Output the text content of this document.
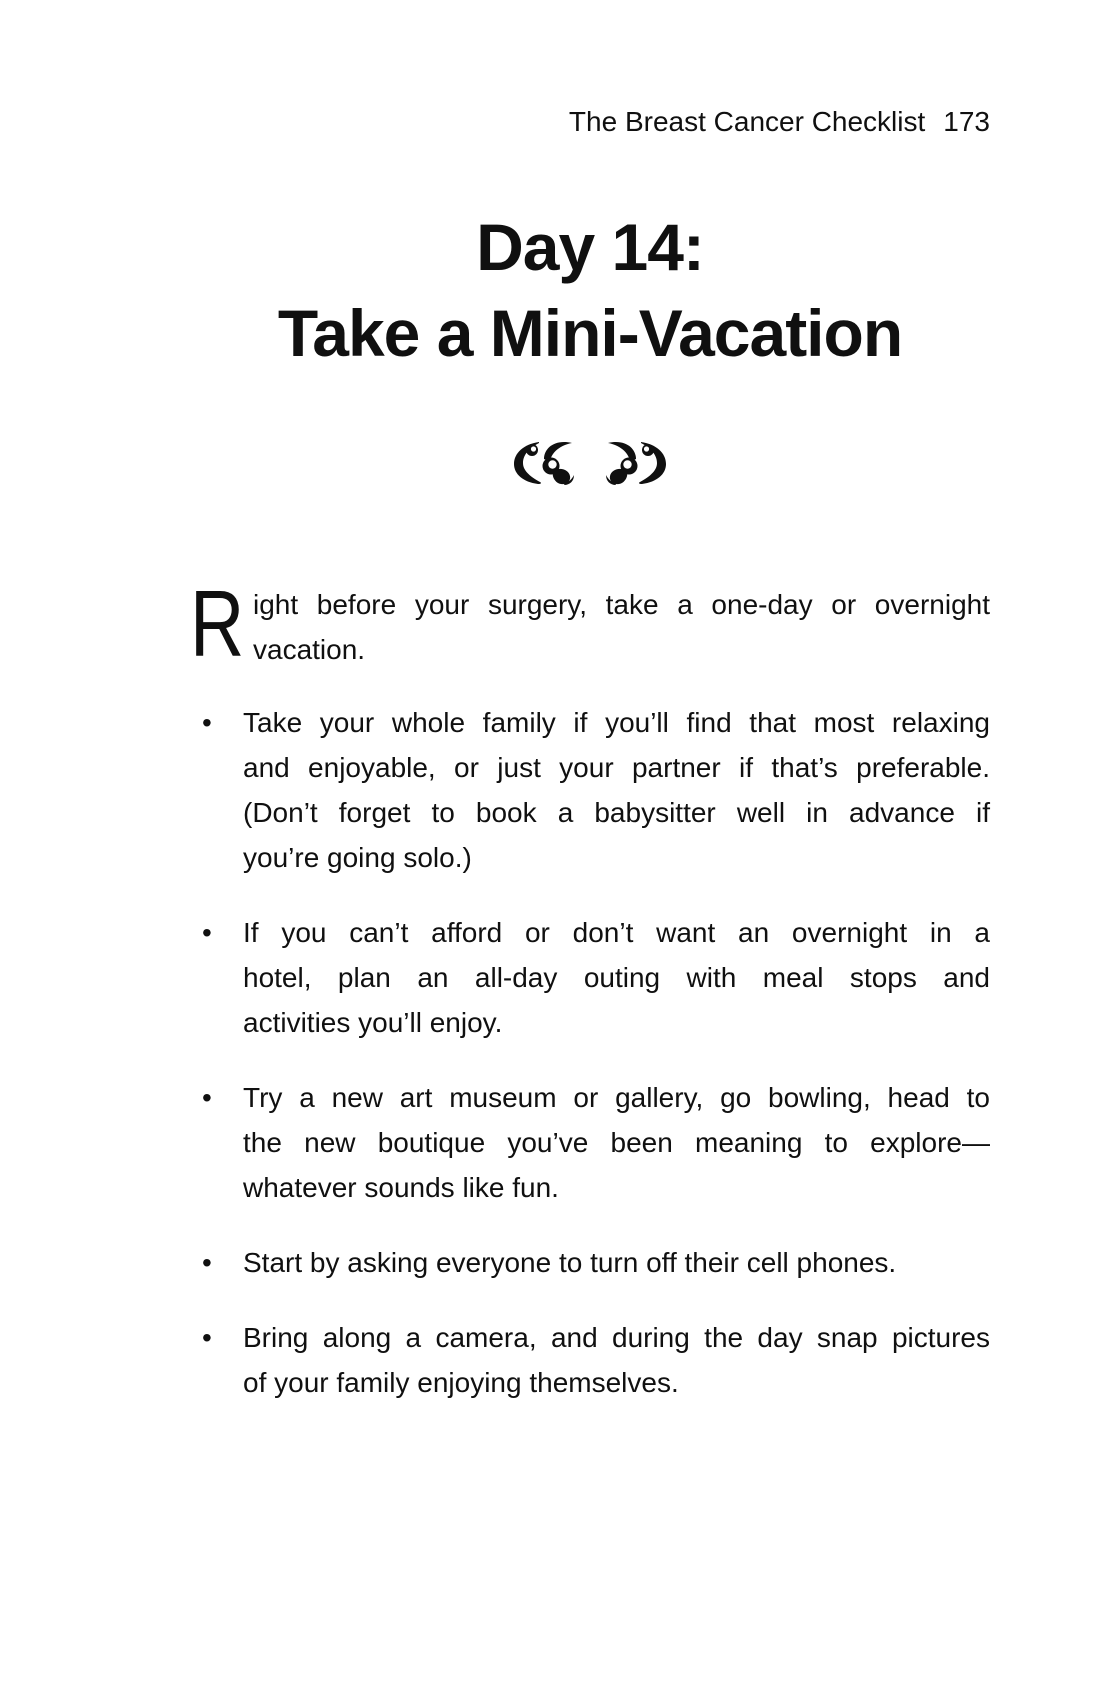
The Breast Cancer Checklist 173
Day 14:
Take a Mini-Vacation

R ight before your surgery, take a one-day or overnight
vacation.

• Take your whole family if you’ll find that most relaxing
and enjoyable, or just your partner if that’s preferable.
(Don’t forget to book a babysitter well in advance if
you’re going solo.)
• If you can’t afford or don’t want an overnight in a
hotel, plan an all-day outing with meal stops and
activities you’ll enjoy.
• Try a new art museum or gallery, go bowling, head to
the new boutique you’ve been meaning to explore—
whatever sounds like fun.
• Start by asking everyone to turn off their cell phones.
• Bring along a camera, and during the day snap pictures
of your family enjoying themselves.
